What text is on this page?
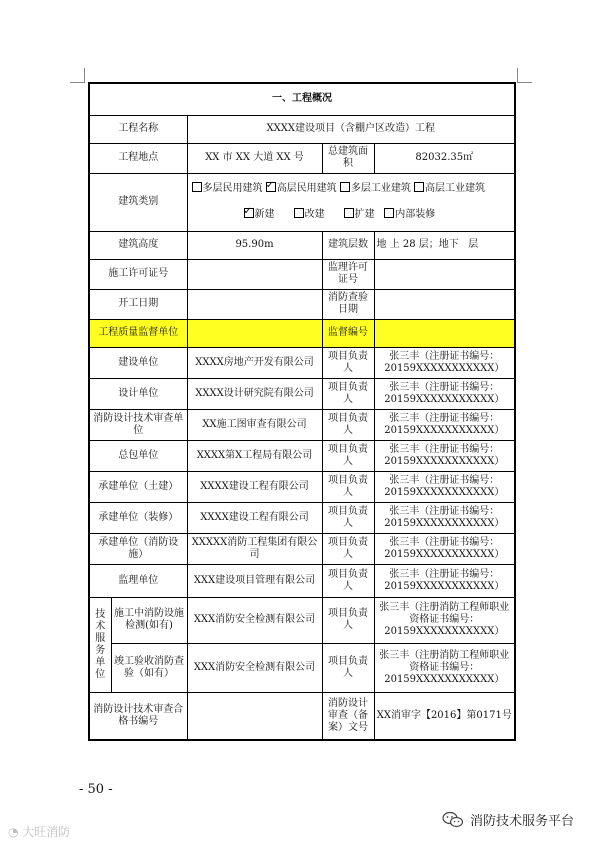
一、工程概况				
工程名称		XXXX建设项目（含棚户区改造）工程		
工程地点		XX 市 XX 大道 XX 号	总建筑面积	82032.35㎡
建筑类别		多层民用建筑 ✓ 高层民用建筑 多层工业建筑 高层工业建筑
✓新建 改建 扩建 内部装修

建筑高度		95.90m	建筑层数	地 上 28 层；地下   层
施工许可证号			监理许可证号	
开工日期			消防查验日期	
工程质量监督单位			监督编号	
建设单位		XXXX房地产开发有限公司	项目负责人	张三丰（注册证书编号：20159XXXXXXXXXXX）
设计单位		XXXX设计研究院有限公司	项目负责人	张三丰（注册证书编号：20159XXXXXXXXXXX）
消防设计技术审查单位		XX施工图审查有限公司	项目负责人	张三丰（注册证书编号：20159XXXXXXXXXXX）
总包单位		XXXX第X工程局有限公司	项目负责人	张三丰（注册证书编号：20159XXXXXXXXXXX）
承建单位（土建）		XXXX建设工程有限公司	项目负责人	张三丰（注册证书编号：20159XXXXXXXXXXX）
承建单位（装修）		XXXX建设工程有限公司	项目负责人	张三丰（注册证书编号：20159XXXXXXXXXXX）
承建单位（消防设施）		XXXXX消防工程集团有限公司	项目负责人	张三丰（注册证书编号：20159XXXXXXXXXXX）
监理单位		XXX建设项目管理有限公司	项目负责人	张三丰（注册证书编号：20159XXXXXXXXXXX）
技术服务单位	施工中消防设施检测(如有)	XXX消防安全检测有限公司	项目负责人	张三丰（注册消防工程师职业资格证书编号：20159XXXXXXXXXXX）
	竣工验收消防查验（如有）	XXX消防安全检测有限公司	项目负责人	张三丰（注册消防工程师职业资格证书编号：20159XXXXXXXXXXX）
消防设计技术审查合格书编号			消防设计审查（备案）文号	XX消审字【2016】第0171号
- 50 -
◔ 大旺消防
消防技术服务平台
